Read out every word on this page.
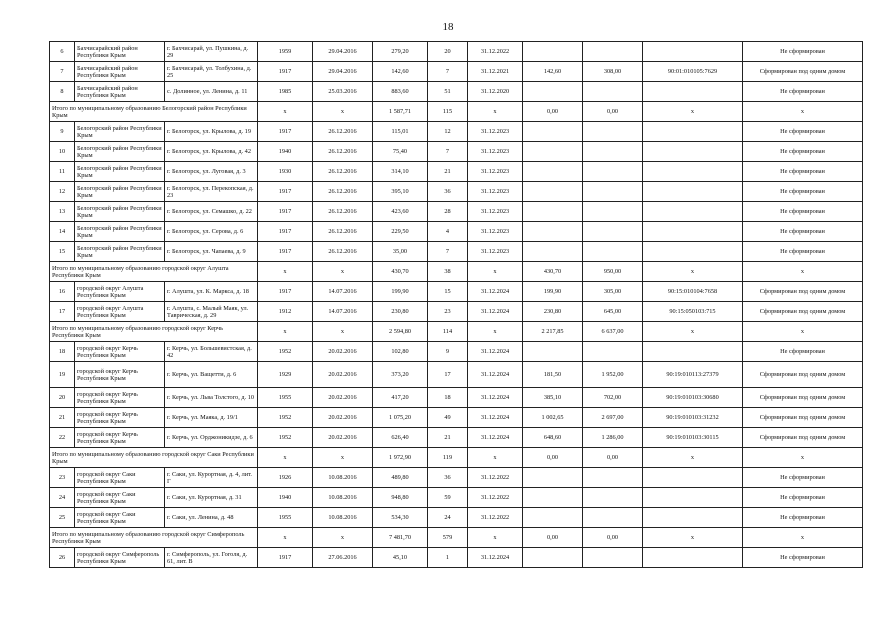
18
6	Бахчисарайский район Республики Крым	г. Бахчисарай, ул. Пушкина, д. 29	1959	29.04.2016	279,20	20	31.12.2022				Не сформирован
7	Бахчисарайский район Республики Крым	г. Бахчисарай, ул. Толбухина, д. 25	1917	29.04.2016	142,60	7	31.12.2021	142,60	308,00	90:01:010105:7629	Сформирован под одним домом
8	Бахчисарайский район Республики Крым	с. Долинное, ул. Ленина, д. 11	1985	25.03.2016	883,60	51	31.12.2020				Не сформирован
Итого по муниципальному образованию Белогорский район Республики Крым			х	х	1 587,71	115	х	0,00	0,00	х	х
9	Белогорский район Республики Крым	г. Белогорск, ул. Крылова, д. 19	1917	26.12.2016	115,01	12	31.12.2023				Не сформирован
10	Белогорский район Республики Крым	г. Белогорск, ул. Крылова, д. 42	1940	26.12.2016	75,40	7	31.12.2023				Не сформирован
11	Белогорский район Республики Крым	г. Белогорск, ул. Луговая, д. 3	1930	26.12.2016	314,10	21	31.12.2023				Не сформирован
12	Белогорский район Республики Крым	г. Белогорск, ул. Перекопская, д. 23	1917	26.12.2016	395,10	36	31.12.2023				Не сформирован
13	Белогорский район Республики Крым	г. Белогорск, ул. Семашко, д. 22	1917	26.12.2016	423,60	28	31.12.2023				Не сформирован
14	Белогорский район Республики Крым	г. Белогорск, ул. Серова, д. 6	1917	26.12.2016	229,50	4	31.12.2023				Не сформирован
15	Белогорский район Республики Крым	г. Белогорск, ул. Чапаева, д. 9	1917	26.12.2016	35,00	7	31.12.2023				Не сформирован
Итого по муниципальному образованию городской округ Алушта Республики Крым			х	х	430,70	38	х	430,70	950,00	х	х
16	городской округ Алушта Республики Крым	г. Алушта, ул. К. Маркса, д. 18	1917	14.07.2016	199,90	15	31.12.2024	199,90	305,00	90:15:010104:7658	Сформирован под одним домом
17	городской округ Алушта Республики Крым	г. Алушта, с. Малый Маяк, ул. Таврическая, д. 29	1912	14.07.2016	230,80	23	31.12.2024	230,80	645,00	90:15:050103:715	Сформирован под одним домом
Итого по муниципальному образованию городской округ Керчь Республики Крым			х	х	2 594,80	114	х	2 217,85	6 637,00	х	х
18	городской округ Керчь Республики Крым	г. Керчь, ул. Большевистская, д. 42	1952	20.02.2016	102,80	9	31.12.2024				Не сформирован
19	городской округ Керчь Республики Крым	г. Керчь, ул. Ващетти, д. 6	1929	20.02.2016	373,20	17	31.12.2024	181,50	1 952,00	90:19:010113:27379	Сформирован под одним домом
20	городской округ Керчь Республики Крым	г. Керчь, ул. Льва Толстого, д. 10	1955	20.02.2016	417,20	18	31.12.2024	385,10	702,00	90:19:010103:30680	Сформирован под одним домом
21	городской округ Керчь Республики Крым	г. Керчь, ул. Маяка, д. 19/1	1952	20.02.2016	1 075,20	49	31.12.2024	1 002,65	2 697,00	90:19:010103:31232	Сформирован под одним домом
22	городской округ Керчь Республики Крым	г. Керчь, ул. Орджоникидзе, д. 6	1952	20.02.2016	626,40	21	31.12.2024	648,60	1 286,00	90:19:010103:30115	Сформирован под одним домом
Итого по муниципальному образованию городской округ Саки Республики Крым			х	х	1 972,90	119	х	0,00	0,00	х	х
23	городской округ Саки Республики Крым	г. Саки, ул. Курортная, д. 4, лит. Г	1926	10.08.2016	489,80	36	31.12.2022				Не сформирован
24	городской округ Саки Республики Крым	г. Саки, ул. Курортная, д. 31	1940	10.08.2016	948,80	59	31.12.2022				Не сформирован
25	городской округ Саки Республики Крым	г. Саки, ул. Ленина, д. 48	1955	10.08.2016	534,30	24	31.12.2022				Не сформирован
Итого по муниципальному образованию городской округ Симферополь Республики Крым			х	х	7 481,70	579	х	0,00	0,00	х	х
26	городской округ Симферополь Республики Крым	г. Симферополь, ул. Гоголя, д. 61, лит. В	1917	27.06.2016	45,10	1	31.12.2024				Не сформирован
